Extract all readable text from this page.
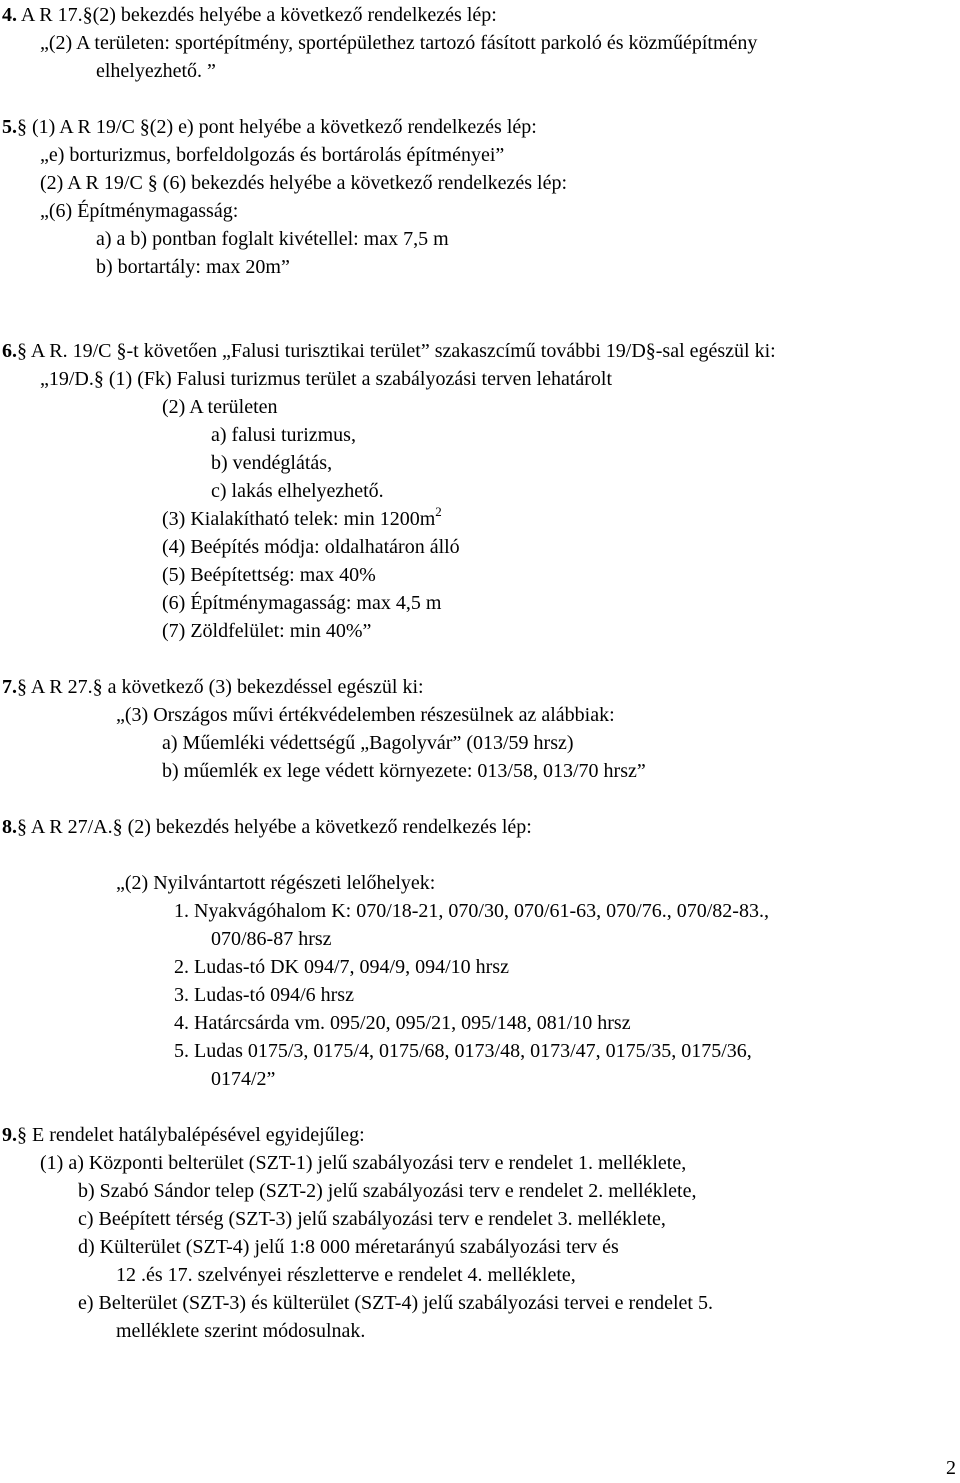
4. A R 17.§(2) bekezdés helyébe a következő rendelkezés lép:
„(2) A területen: sportépítmény, sportépülethez tartozó fásított parkoló és közműépítmény
elhelyezhető. ”
5.§ (1) A R 19/C §(2) e) pont helyébe a következő rendelkezés lép:
„e) borturizmus, borfeldolgozás és bortárolás építményei”
(2) A R 19/C § (6) bekezdés helyébe a következő rendelkezés lép:
„(6) Építménymagasság:
a) a b) pontban foglalt kivétellel: max 7,5 m
b) bortartály: max 20m”
6.§ A R. 19/C §-t követően „Falusi turisztikai terület” szakaszcímű további 19/D§-sal egészül ki:
„19/D.§ (1) (Fk) Falusi turizmus terület a szabályozási terven lehatárolt
(2) A területen
a) falusi turizmus,
b) vendéglátás,
c) lakás elhelyezhető.
(3) Kialakítható telek: $\min 1200m^2$
(4) Beépítés módja: oldalhatáron álló
(5) Beépítettség: max 40%
(6) Építménymagasság: max 4,5 m
(7) Zöldfelület: min 40%”
7.§ A R 27.§ a következő (3) bekezdéssel egészül ki:
„(3) Országos művi értékvédelemben részesülnek az alábbiak:
a) Műemléki védettségű „Bagolyvár” (013/59 hrsz)
b) műemlék ex lege védett környezete: 013/58, 013/70 hrsz”
8.§ A R 27/A.§ (2) bekezdés helyébe a következő rendelkezés lép:
„(2) Nyilvántartott régészeti lelőhelyek:
1. Nyakvágóhalom K: 070/18-21, 070/30, 070/61-63, 070/76., 070/82-83.,
070/86-87 hrsz
2. Ludas-tó DK 094/7, 094/9, 094/10 hrsz
3. Ludas-tó 094/6 hrsz
4. Határcsárda vm. 095/20, 095/21, 095/148, 081/10 hrsz
5. Ludas 0175/3, 0175/4, 0175/68, 0173/48, 0173/47, 0175/35, 0175/36,
0174/2”
9.§ E rendelet hatálybalépésével egyidejűleg:
(1) a) Központi belterület (SZT-1) jelű szabályozási terv e rendelet 1. melléklete,
b) Szabó Sándor telep (SZT-2) jelű szabályozási terv e rendelet 2. melléklete,
c) Beépített térség (SZT-3) jelű szabályozási terv e rendelet 3. melléklete,
d) Külterület (SZT-4) jelű 1:8 000 méretarányú szabályozási terv és
12 .és 17. szelvényei részletterve e rendelet 4. melléklete,
e) Belterület (SZT-3) és külterület (SZT-4) jelű szabályozási tervei e rendelet 5.
melléklete szerint módosulnak.
2
